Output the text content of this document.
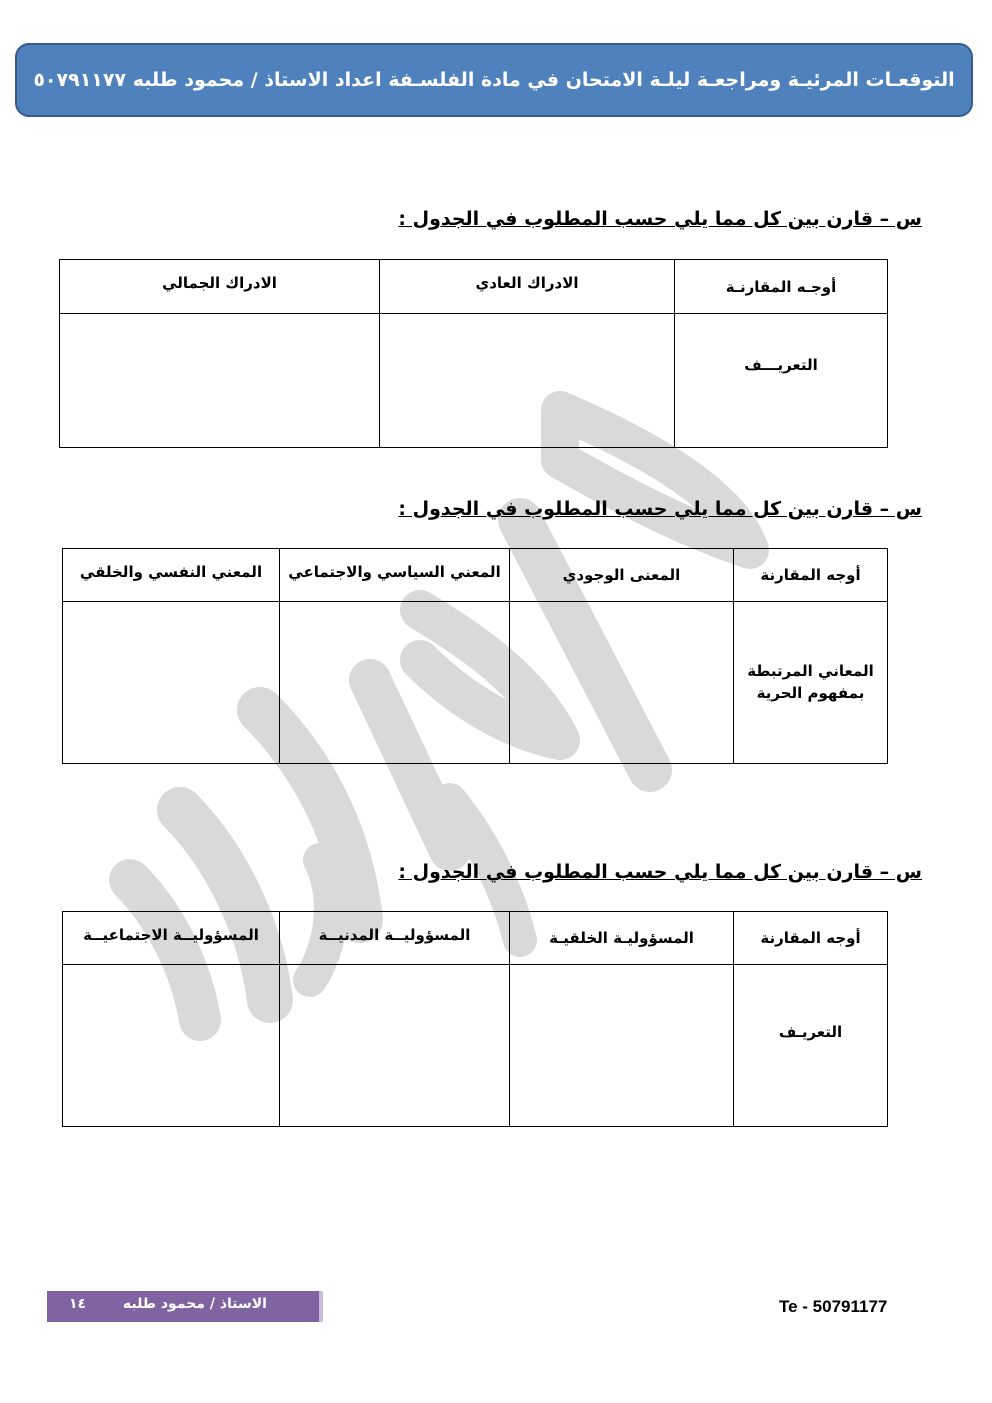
التوقعـات المرئيـة ومراجعـة ليلـة الامتحان في مادة الفلسـفة اعداد الاستاذ / محمود طلبه ٥٠٧٩١١٧٧
س – قارن بين كل مما يلي حسب المطلوب في الجدول :
أوجـه المقارنـة	الادراك العادي	الادراك الجمالي
التعريـــف		
س – قارن بين كل مما يلي حسب المطلوب في الجدول :
أوجه المقارنة	المعنى الوجودي	المعني السياسي والاجتماعي	المعني النفسي والخلقي

المعاني المرتبطة
بمفهوم الحرية			

س – قارن بين كل مما يلي حسب المطلوب في الجدول :
أوجه المقارنة	المسؤوليـة الخلقيـة	المسؤوليــة المدنيــة	المسؤوليــة الاجتماعيــة
التعريـف			
الاستاذ / محمود طلبه
١٤	Te - 50791177
